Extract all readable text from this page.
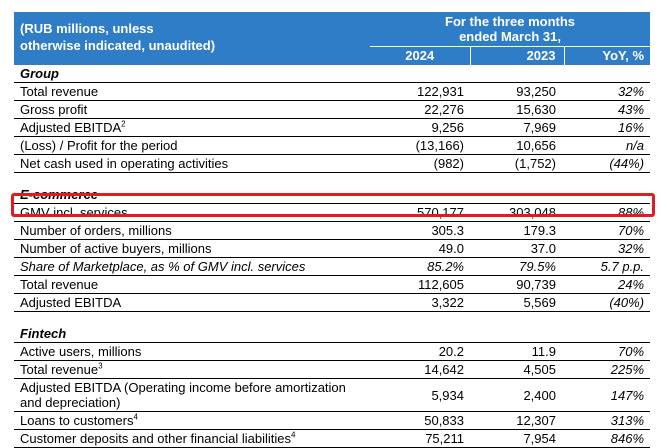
(RUB millions, unless
otherwise indicated, unaudited)	For the three months
ended March 31,		
	2024	2023	YoY, %
Group			
Total revenue	122,931	93,250	32%
Gross profit	22,276	15,630	43%
Adjusted EBITDA$^2$	9,256	7,969	16%
(Loss) / Profit for the period	(13,166)	10,656	n/a
Net cash used in operating activities	(982)	(1,752)	(44%)

E-commerce			
GMV incl. services	570,177	303,048	88%
Number of orders, millions	305.3	179.3	70%
Number of active buyers, millions	49.0	37.0	32%
Share of Marketplace, as % of GMV incl. services	85.2%	79.5%	5.7 p.p.
Total revenue	112,605	90,739	24%
Adjusted EBITDA	3,322	5,569	(40%)

Fintech			
Active users, millions	20.2	11.9	70%
Total revenue$^3$	14,642	4,505	225%
Adjusted EBITDA (Operating income before amortization and depreciation)	5,934	2,400	147%
Loans to customers$^4$	50,833	12,307	313%
Customer deposits and other financial liabilities$^4$	75,211	7,954	846%
